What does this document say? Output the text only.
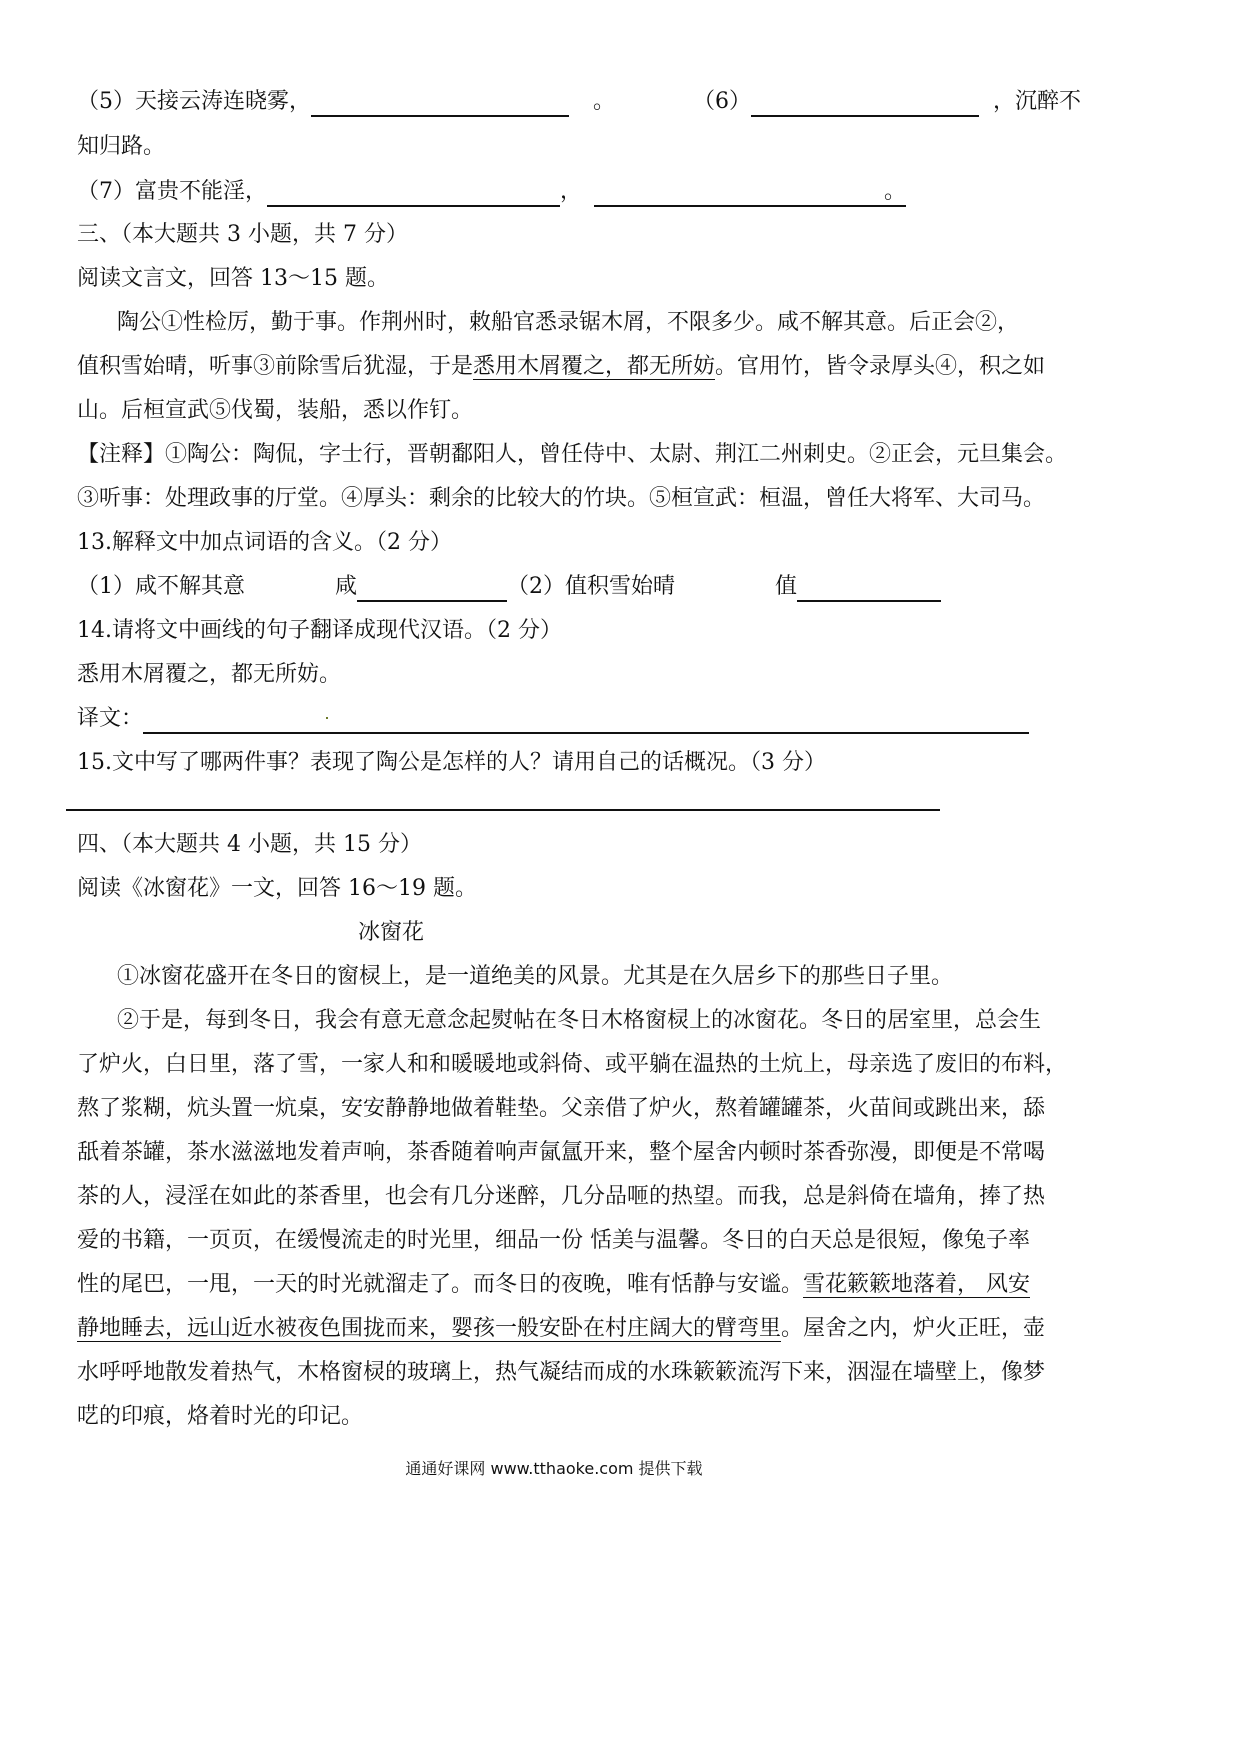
（5）天接云涛连晓雾，	。	（6）	，沉醉不
知归路。
（7）富贵不能淫，	，	。
三、（本大题共 3 小题，共 7 分）
阅读文言文，回答 13～15 题。
陶公①性检厉，勤于事。作荆州时，敕船官悉录锯木屑，不限多少。咸不解其意。后正会②，
值积雪始晴，听事③前除雪后犹湿，于是悉用木屑覆之，都无所妨。官用竹，皆令录厚头④，积之如
山。后桓宣武⑤伐蜀，装船，悉以作钉。
【注释】①陶公：陶侃，字士行，晋朝鄱阳人，曾任侍中、太尉、荆江二州刺史。②正会，元旦集会。
③听事：处理政事的厅堂。④厚头：剩余的比较大的竹块。⑤桓宣武：桓温，曾任大将军、大司马。
13.解释文中加点词语的含义。（2 分）
（1）咸不解其意	咸	（2）值积雪始晴	值
14.请将文中画线的句子翻译成现代汉语。（2 分）
悉用木屑覆之，都无所妨。
译文：
15.文中写了哪两件事？表现了陶公是怎样的人？请用自己的话概况。（3 分）
四、（本大题共 4 小题，共 15 分）
阅读《冰窗花》一文，回答 16～19 题。
冰窗花
①冰窗花盛开在冬日的窗棂上，是一道绝美的风景。尤其是在久居乡下的那些日子里。
②于是，每到冬日，我会有意无意念起熨帖在冬日木格窗棂上的冰窗花。冬日的居室里，总会生
了炉火，白日里，落了雪，一家人和和暖暖地或斜倚、或平躺在温热的土炕上，母亲选了废旧的布料，
熬了浆糊，炕头置一炕桌，安安静静地做着鞋垫。父亲借了炉火，熬着罐罐茶，火苗间或跳出来，舔
舐着茶罐，茶水滋滋地发着声响，茶香随着响声氤氲开来，整个屋舍内顿时茶香弥漫，即便是不常喝
茶的人，浸淫在如此的茶香里，也会有几分迷醉，几分品咂的热望。而我，总是斜倚在墙角，捧了热
爱的书籍，一页页，在缓慢流走的时光里，细品一份 恬美与温馨。冬日的白天总是很短，像兔子率
性的尾巴，一甩，一天的时光就溜走了。而冬日的夜晚，唯有恬静与安谧。雪花簌簌地落着， 风安
静地睡去，远山近水被夜色围拢而来，婴孩一般安卧在村庄阔大的臂弯里。屋舍之内，炉火正旺，壶
水呼呼地散发着热气，木格窗棂的玻璃上，热气凝结而成的水珠簌簌流泻下来，洇湿在墙壁上，像梦
呓的印痕，烙着时光的印记。
通通好课网 www.tthaoke.com 提供下载
